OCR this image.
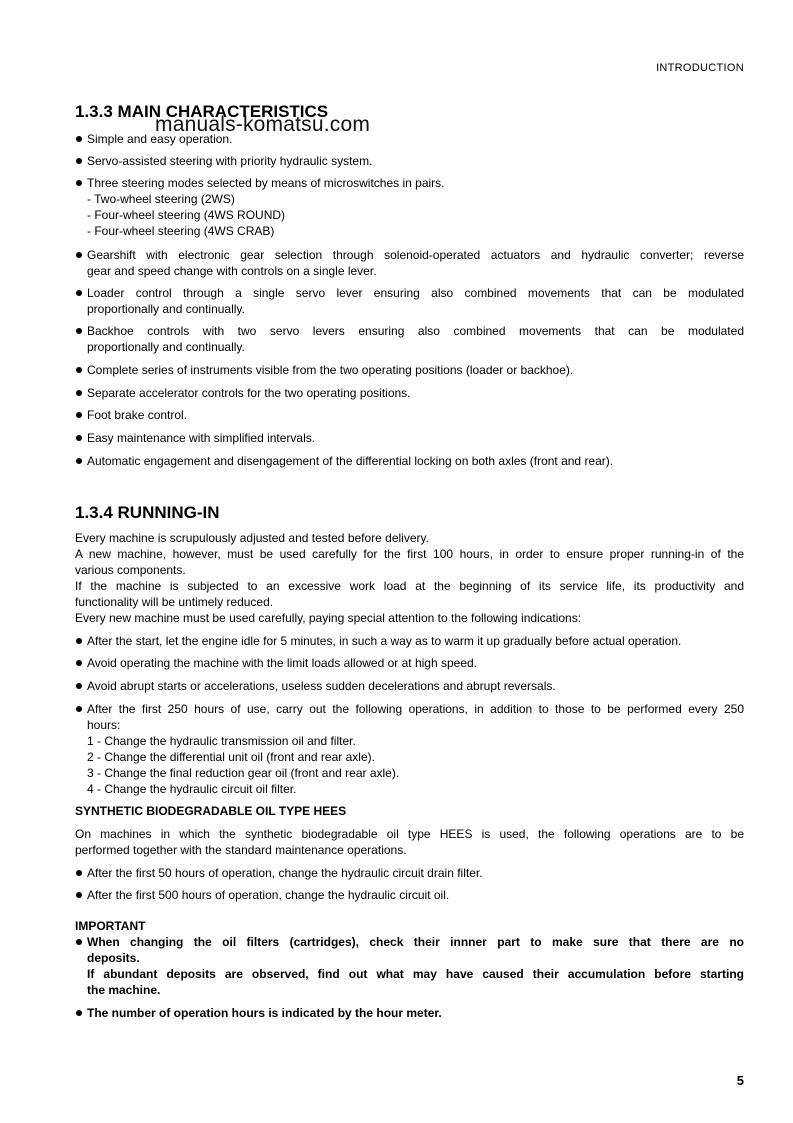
INTRODUCTION
manuals-komatsu.com
1.3.3 MAIN CHARACTERISTICS
Simple and easy operation.
Servo-assisted steering with priority hydraulic system.
Three steering modes selected by means of microswitches in pairs.
- Two-wheel steering (2WS)
- Four-wheel steering (4WS ROUND)
- Four-wheel steering (4WS CRAB)
Gearshift with electronic gear selection through solenoid-operated actuators and hydraulic converter; reverse
gear and speed change with controls on a single lever.
Loader control through a single servo lever ensuring also combined movements that can be modulated
proportionally and continually.
Backhoe controls with two servo levers ensuring also combined movements that can be modulated
proportionally and continually.
Complete series of instruments visible from the two operating positions (loader or backhoe).
Separate accelerator controls for the two operating positions.
Foot brake control.
Easy maintenance with simplified intervals.
Automatic engagement and disengagement of the differential locking on both axles (front and rear).
1.3.4 RUNNING-IN
Every machine is scrupulously adjusted and tested before delivery.
A new machine, however, must be used carefully for the first 100 hours, in order to ensure proper running-in of the
various components.
If the machine is subjected to an excessive work load at the beginning of its service life, its productivity and
functionality will be untimely reduced.
Every new machine must be used carefully, paying special attention to the following indications:
After the start, let the engine idle for 5 minutes, in such a way as to warm it up gradually before actual operation.
Avoid operating the machine with the limit loads allowed or at high speed.
Avoid abrupt starts or accelerations, useless sudden decelerations and abrupt reversals.
After the first 250 hours of use, carry out the following operations, in addition to those to be performed every 250
hours:
1 - Change the hydraulic transmission oil and filter.
2 - Change the differential unit oil (front and rear axle).
3 - Change the final reduction gear oil (front and rear axle).
4 - Change the hydraulic circuit oil filter.
SYNTHETIC BIODEGRADABLE OIL TYPE HEES
On machines in which the synthetic biodegradable oil type HEES is used, the following operations are to be
performed together with the standard maintenance operations.
After the first 50 hours of operation, change the hydraulic circuit drain filter.
After the first 500 hours of operation, change the hydraulic circuit oil.
IMPORTANT
When changing the oil filters (cartridges), check their innner part to make sure that there are no
deposits.
If abundant deposits are observed, find out what may have caused their accumulation before starting
the machine.
The number of operation hours is indicated by the hour meter.
5
